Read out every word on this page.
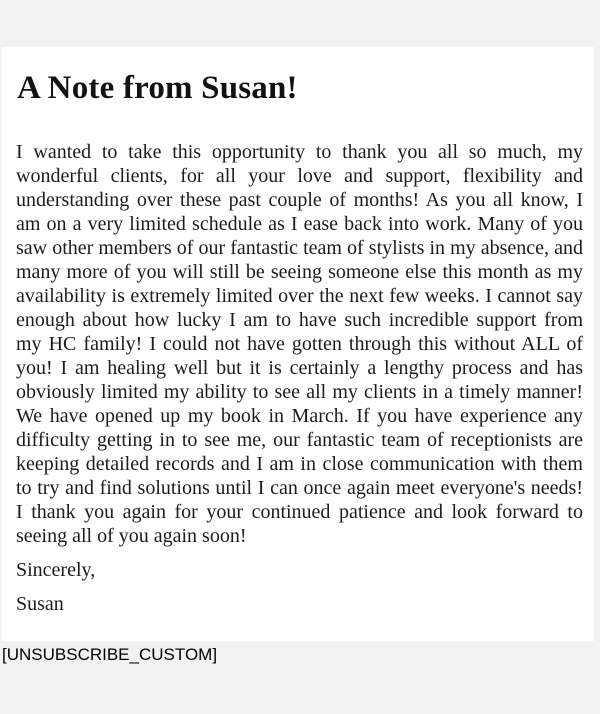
A Note from Susan!

I wanted to take this opportunity to thank you all so much, my wonderful clients, for all your love and support, flexibility and understanding over these past couple of months! As you all know, I am on a very limited schedule as I ease back into work. Many of you saw other members of our fantastic team of stylists in my absence, and many more of you will still be seeing someone else this month as my availability is extremely limited over the next few weeks. I cannot say enough about how lucky I am to have such incredible support from my HC family! I could not have gotten through this without ALL of you! I am healing well but it is certainly a lengthy process and has obviously limited my ability to see all my clients in a timely manner! We have opened up my book in March. If you have experience any difficulty getting in to see me, our fantastic team of receptionists are keeping detailed records and I am in close communication with them to try and find solutions until I can once again meet everyone's needs! I thank you again for your continued patience and look forward to seeing all of you again soon!

Sincerely,

Susan

[UNSUBSCRIBE_CUSTOM]
